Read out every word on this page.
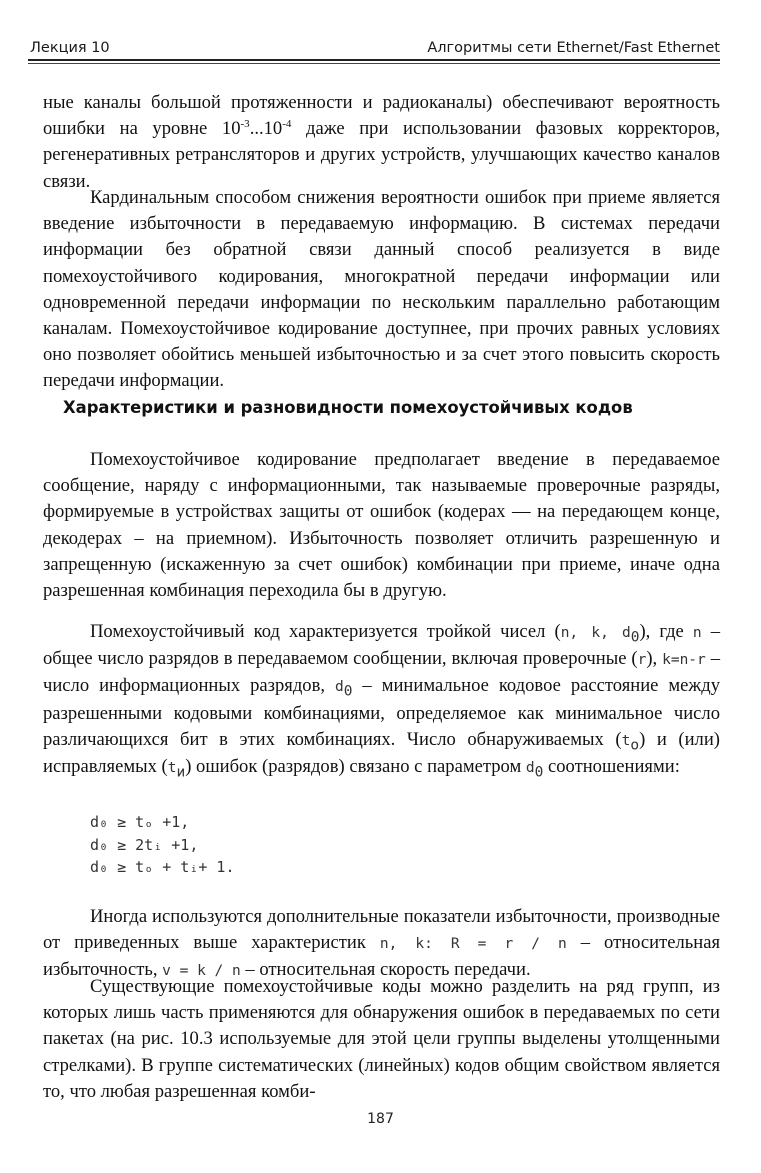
Лекция 10	Алгоритмы сети Ethernet/Fast Ethernet

ные каналы большой протяженности и радиоканалы) обеспечивают вероятность ошибки на уровне $10^{-3}...10^{-4}$ даже при использовании фазовых корректоров, регенеративных ретрансляторов и других устройств, улучшающих качество каналов связи.

Кардинальным способом снижения вероятности ошибок при приеме является введение избыточности в передаваемую информацию. В системах передачи информации без обратной связи данный способ реализуется в виде помехоустойчивого кодирования, многократной передачи информации или одновременной передачи информации по нескольким параллельно работающим каналам. Помехоустойчивое кодирование доступнее, при прочих равных условиях оно позволяет обойтись меньшей избыточностью и за счет этого повысить скорость передачи информации.

Характеристики и разновидности помехоустойчивых кодов

Помехоустойчивое кодирование предполагает введение в передаваемое сообщение, наряду с информационными, так называемые проверочные разряды, формируемые в устройствах защиты от ошибок (кодерах — на передающем конце, декодерах – на приемном). Избыточность позволяет отличить разрешенную и запрещенную (искаженную за счет ошибок) комбинации при приеме, иначе одна разрешенная комбинация переходила бы в другую.

Помехоустойчивый код характеризуется тройкой чисел (n, k, $d_0$), где n – общее число разрядов в передаваемом сообщении, включая проверочные (r), k=n-r – число информационных разрядов, $d_0$ – минимальное кодовое расстояние между разрешенными кодовыми комбинациями, определяемое как минимальное число различающихся бит в этих комбинациях. Число обнаруживаемых $(t_о)$ и (или) исправляемых $(t_и)$ ошибок (разрядов) связано с параметром $d_0$ соотношениями:

d₀ ≥ tₒ +1,
d₀ ≥ 2tᵢ +1,
d₀ ≥ tₒ + tᵢ+ 1.

Иногда используются дополнительные показатели избыточности, производные от приведенных выше характеристик n, k: R = r / n – относительная избыточность, v = k / n – относительная скорость передачи.

Существующие помехоустойчивые коды можно разделить на ряд групп, из которых лишь часть применяются для обнаружения ошибок в передаваемых по сети пакетах (на рис. 10.3 используемые для этой цели группы выделены утолщенными стрелками). В группе систематических (линейных) кодов общим свойством является то, что любая разрешенная комби-

187
